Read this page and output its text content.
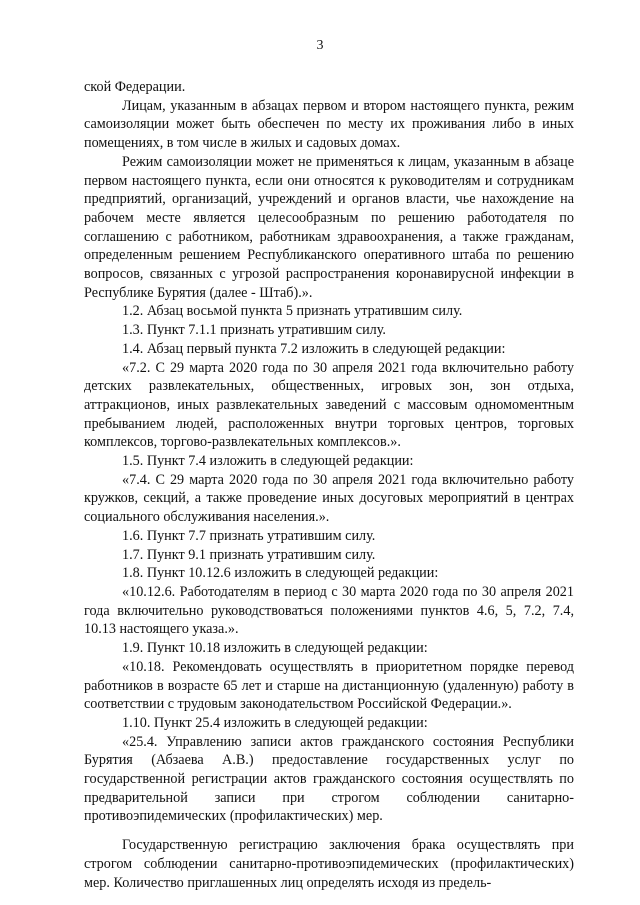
3

ской Федерации.

Лицам, указанным в абзацах первом и втором настоящего пункта, режим самоизоляции может быть обеспечен по месту их проживания либо в иных помещениях, в том числе в жилых и садовых домах.

Режим самоизоляции может не применяться к лицам, указанным в абзаце первом настоящего пункта, если они относятся к руководителям и сотрудникам предприятий, организаций, учреждений и органов власти, чье нахождение на рабочем месте является целесообразным по решению работодателя по соглашению с работником, работникам здравоохранения, а также гражданам, определенным решением Республиканского оперативного штаба по решению вопросов, связанных с угрозой распространения коронавирусной инфекции в Республике Бурятия (далее - Штаб).».

1.2. Абзац восьмой пункта 5 признать утратившим силу.

1.3. Пункт 7.1.1 признать утратившим силу.

1.4. Абзац первый пункта 7.2 изложить в следующей редакции:

«7.2. С 29 марта 2020 года по 30 апреля 2021 года включительно работу детских развлекательных, общественных, игровых зон, зон отдыха, аттракционов, иных развлекательных заведений с массовым одномоментным пребыванием людей, расположенных внутри торговых центров, торговых комплексов, торгово-развлекательных комплексов.».

1.5. Пункт 7.4 изложить в следующей редакции:

«7.4. С 29 марта 2020 года по 30 апреля 2021 года включительно работу кружков, секций, а также проведение иных досуговых мероприятий в центрах социального обслуживания населения.».

1.6. Пункт 7.7 признать утратившим силу.

1.7. Пункт 9.1 признать утратившим силу.

1.8. Пункт 10.12.6 изложить в следующей редакции:

«10.12.6. Работодателям в период с 30 марта 2020 года по 30 апреля 2021 года включительно руководствоваться положениями пунктов 4.6, 5, 7.2, 7.4, 10.13 настоящего указа.».

1.9. Пункт 10.18 изложить в следующей редакции:

«10.18. Рекомендовать осуществлять в приоритетном порядке перевод работников в возрасте 65 лет и старше на дистанционную (удаленную) работу в соответствии с трудовым законодательством Российской Федерации.».

1.10. Пункт 25.4 изложить в следующей редакции:

«25.4. Управлению записи актов гражданского состояния Республики Бурятия (Абзаева А.В.) предоставление государственных услуг по государственной регистрации актов гражданского состояния осуществлять по предварительной записи при строгом соблюдении санитарно-противоэпидемических (профилактических) мер.

Государственную регистрацию заключения брака осуществлять при строгом соблюдении санитарно-противоэпидемических (профилактических) мер. Количество приглашенных лиц определять исходя из предель-
